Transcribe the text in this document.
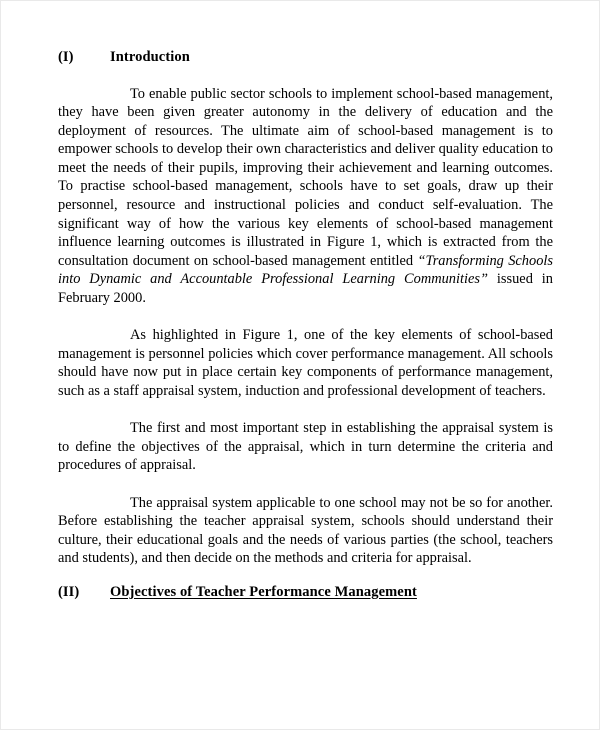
(I)	Introduction

To enable public sector schools to implement school-based management, they have been given greater autonomy in the delivery of education and the deployment of resources. The ultimate aim of school-based management is to empower schools to develop their own characteristics and deliver quality education to meet the needs of their pupils, improving their achievement and learning outcomes. To practise school-based management, schools have to set goals, draw up their personnel, resource and instructional policies and conduct self-evaluation. The significant way of how the various key elements of school-based management influence learning outcomes is illustrated in Figure 1, which is extracted from the consultation document on school-based management entitled “Transforming Schools into Dynamic and Accountable Professional Learning Communities” issued in February 2000.

As highlighted in Figure 1, one of the key elements of school-based management is personnel policies which cover performance management. All schools should have now put in place certain key components of performance management, such as a staff appraisal system, induction and professional development of teachers.

The first and most important step in establishing the appraisal system is to define the objectives of the appraisal, which in turn determine the criteria and procedures of appraisal.

The appraisal system applicable to one school may not be so for another. Before establishing the teacher appraisal system, schools should understand their culture, their educational goals and the needs of various parties (the school, teachers and students), and then decide on the methods and criteria for appraisal.

(II)	Objectives of Teacher Performance Management
